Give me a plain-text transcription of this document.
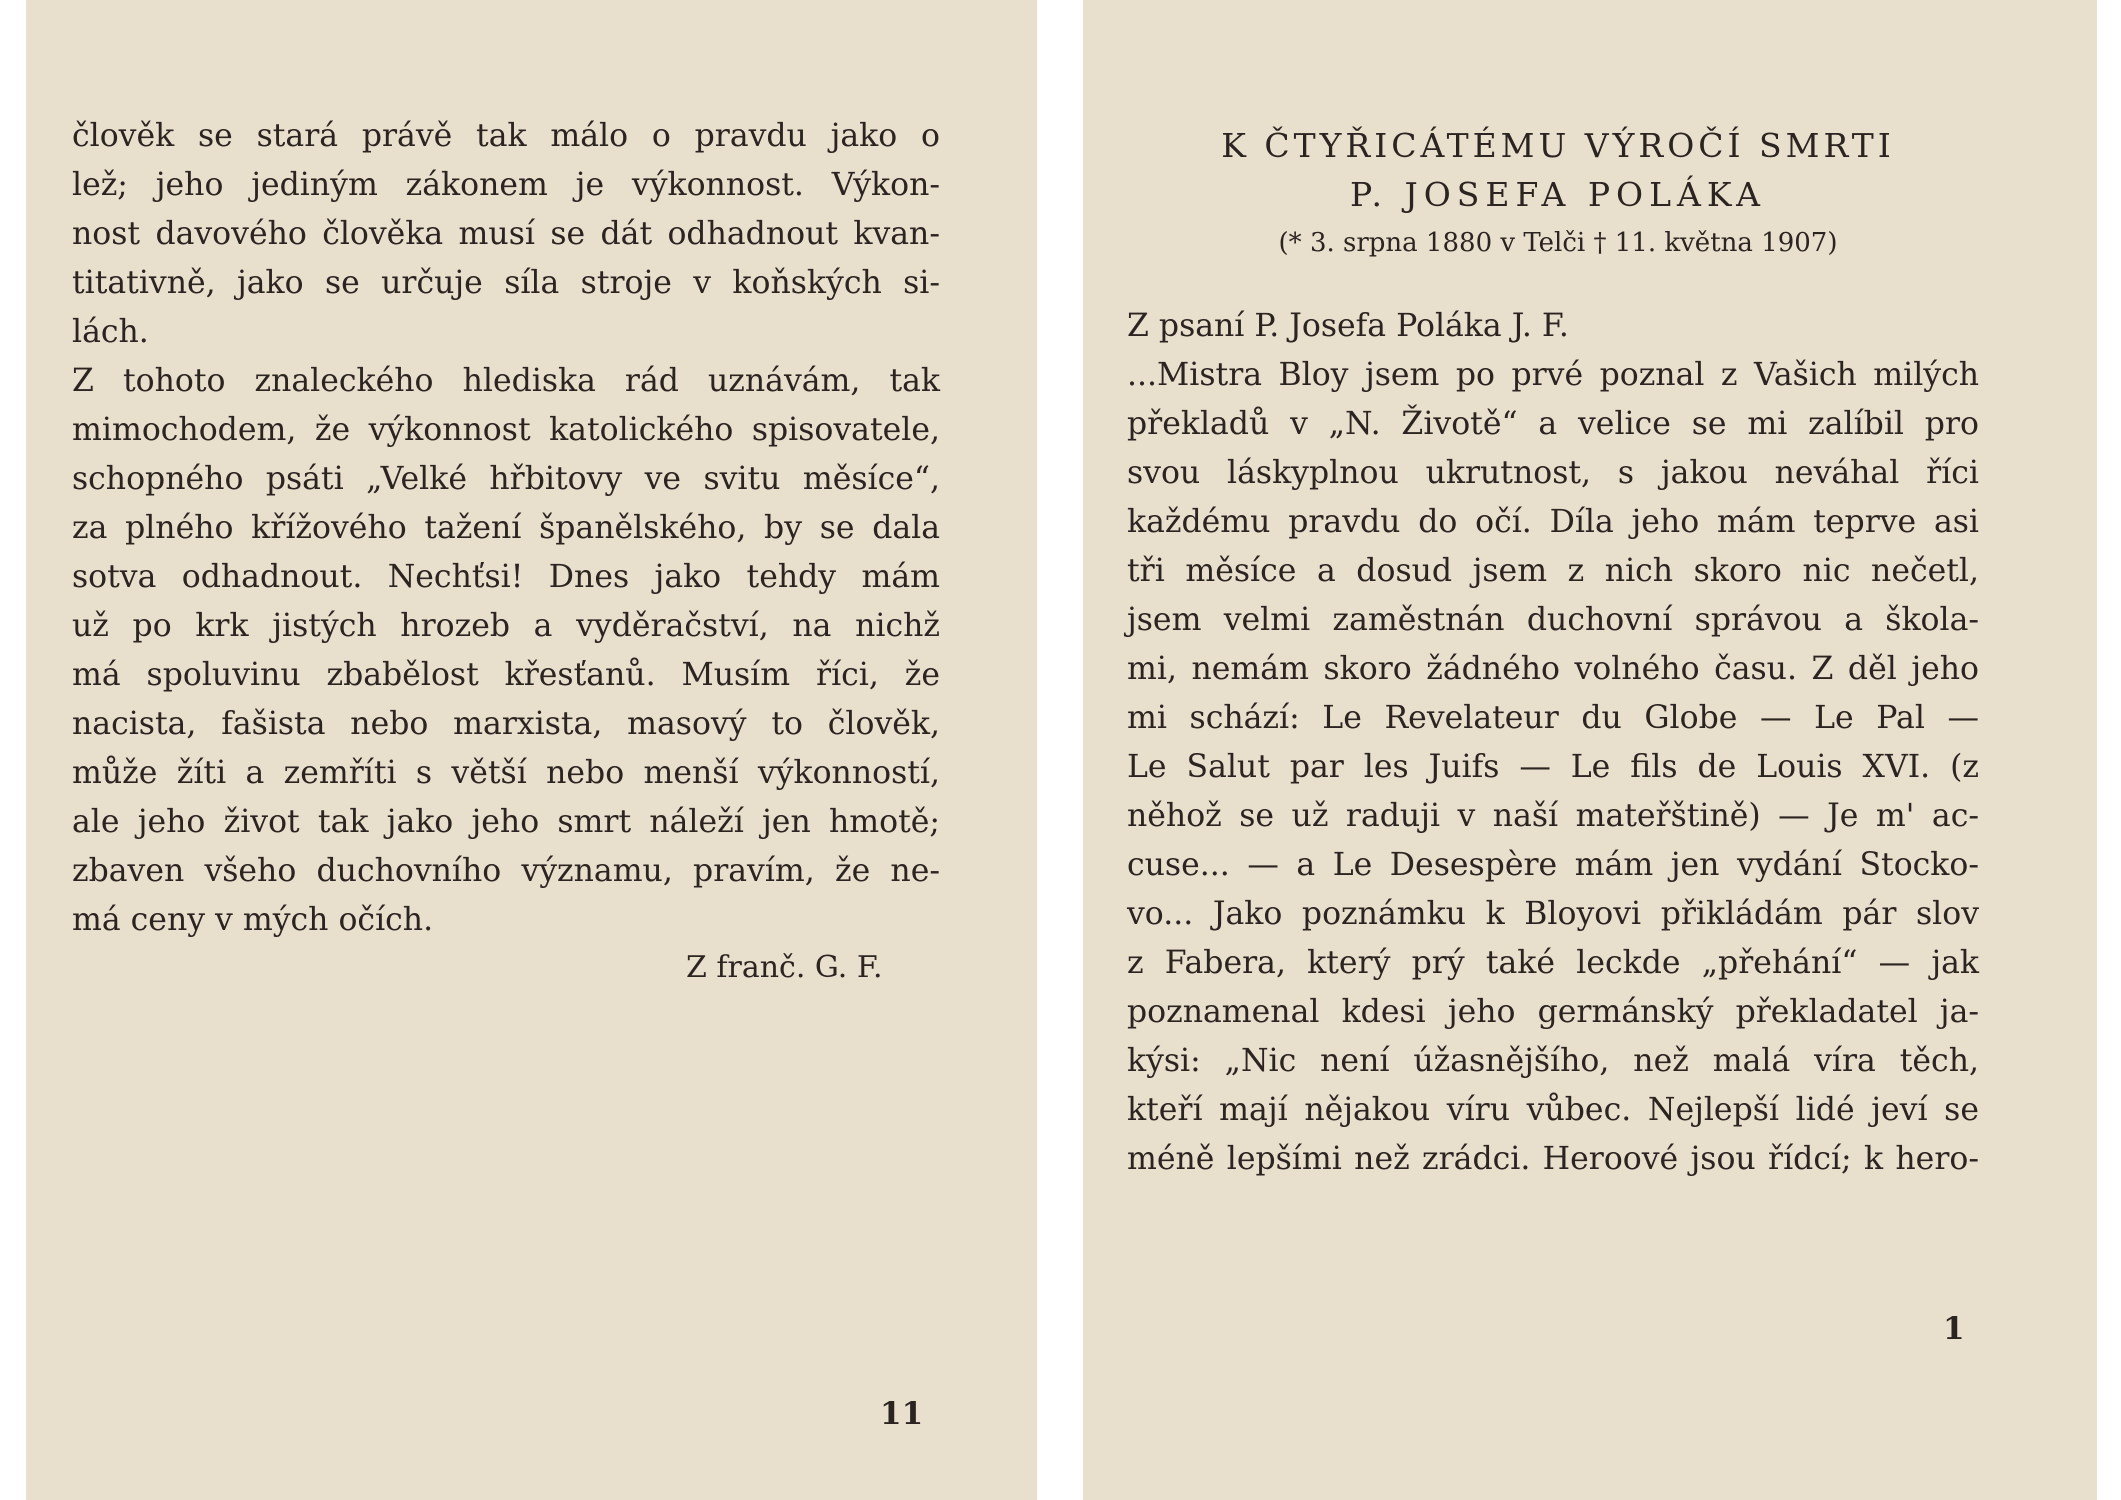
člověk se stará právě tak málo o pravdu jako o
lež; jeho jediným zákonem je výkonnost. Výkon-
nost davového člověka musí se dát odhadnout kvan-
titativně, jako se určuje síla stroje v koňských si-
lách.
Z tohoto znaleckého hlediska rád uznávám, tak
mimochodem, že výkonnost katolického spisovatele,
schopného psáti „Velké hřbitovy ve svitu měsíce“,
za plného křížového tažení španělského, by se dala
sotva odhadnout. Nechťsi! Dnes jako tehdy mám
už po krk jistých hrozeb a vyděračství, na nichž
má spoluvinu zbabělost křesťanů. Musím říci, že
nacista, fašista nebo marxista, masový to člověk,
může žíti a zemříti s větší nebo menší výkonností,
ale jeho život tak jako jeho smrt náleží jen hmotě;
zbaven všeho duchovního významu, pravím, že ne-
má ceny v mých očích.
Z franč. G. F.
11
K ČTYŘICÁTÉMU VÝROČÍ SMRTI
P. JOSEFA POLÁKA
(* 3. srpna 1880 v Telči † 11. května 1907)
Z psaní P. Josefa Poláka J. F.
...Mistra Bloy jsem po prvé poznal z Vašich milých
překladů v „N. Životě“ a velice se mi zalíbil pro
svou láskyplnou ukrutnost, s jakou neváhal říci
každému pravdu do očí. Díla jeho mám teprve asi
tři měsíce a dosud jsem z nich skoro nic nečetl,
jsem velmi zaměstnán duchovní správou a škola-
mi, nemám skoro žádného volného času. Z děl jeho
mi schází: Le Revelateur du Globe — Le Pal —
Le Salut par les Juifs — Le fils de Louis XVI. (z
něhož se už raduji v naší mateřštině) — Je m' ac-
cuse... — a Le Desespère mám jen vydání Stocko-
vo... Jako poznámku k Bloyovi přikládám pár slov
z Fabera, který prý také leckde „přehání“ — jak
poznamenal kdesi jeho germánský překladatel ja-
kýsi: „Nic není úžasnějšího, než malá víra těch,
kteří mají nějakou víru vůbec. Nejlepší lidé jeví se
méně lepšími než zrádci. Heroové jsou řídcí; k hero-
1
